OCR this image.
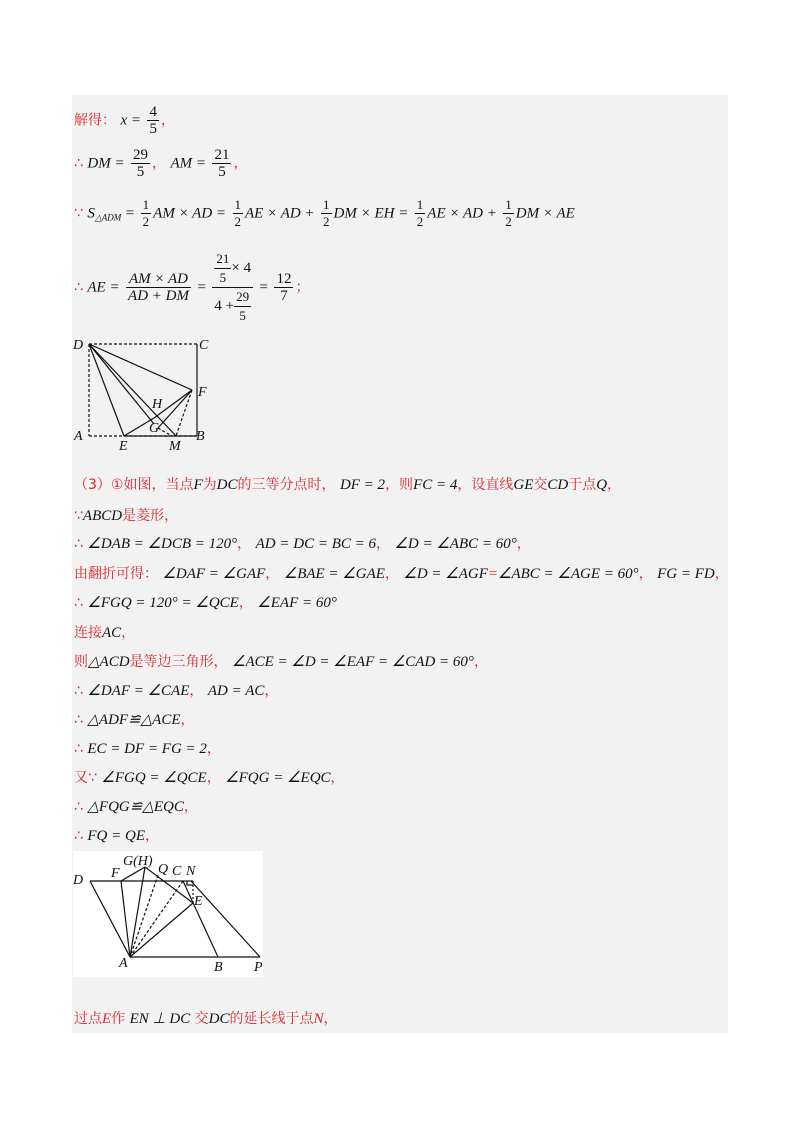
解得： $x = \frac{4}{5}$ ，
∴ DM = $\frac{29}{5}$ ， AM = $\frac{21}{5}$ ，
∵ $S_{\triangle ADM} = \frac{1}{2}$ AM × AD = $\frac{1}{2}$ AE × AD + $\frac{1}{2}$ DM × EH = $\frac{1}{2}$ AE × AD + $\frac{1}{2}$ DM × AE
∴ AE = $\frac{AM \times AD}{AD + DM} = \frac{\frac{21}{5} \times 4}{4 + \frac{29}{5}} = \frac{12}{7}$ ；
D	C
F
H
G
A
E	M
B
（3）①如图，当点F为DC的三等分点时， DF = 2，则FC = 4，设直线GE交CD于点Q，
∵ABCD是菱形，
∴ ∠DAB = ∠DCB = 120°， AD = DC = BC = 6， ∠D = ∠ABC = 60°，
由翻折可得： ∠DAF = ∠GAF， ∠BAE = ∠GAE， ∠D = ∠AGF=∠ABC = ∠AGE = 60°， FG = FD，
∴ ∠FGQ = 120° = ∠QCE， ∠EAF = 60°
连接AC，
则△ACD是等边三角形， ∠ACE = ∠D = ∠EAF = ∠CAD = 60°，
∴ ∠DAF = ∠CAE， AD = AC，
∴ △ADF≌△ACE，
∴ EC = DF = FG = 2，
又∵ ∠FGQ = ∠QCE， ∠FQG = ∠EQC，
∴ △FQG≌△EQC，
∴ FQ = QE，
D F
G(H)
Q C N
E
A	B P
过点E作 EN ⊥ DC 交DC的延长线于点N，
